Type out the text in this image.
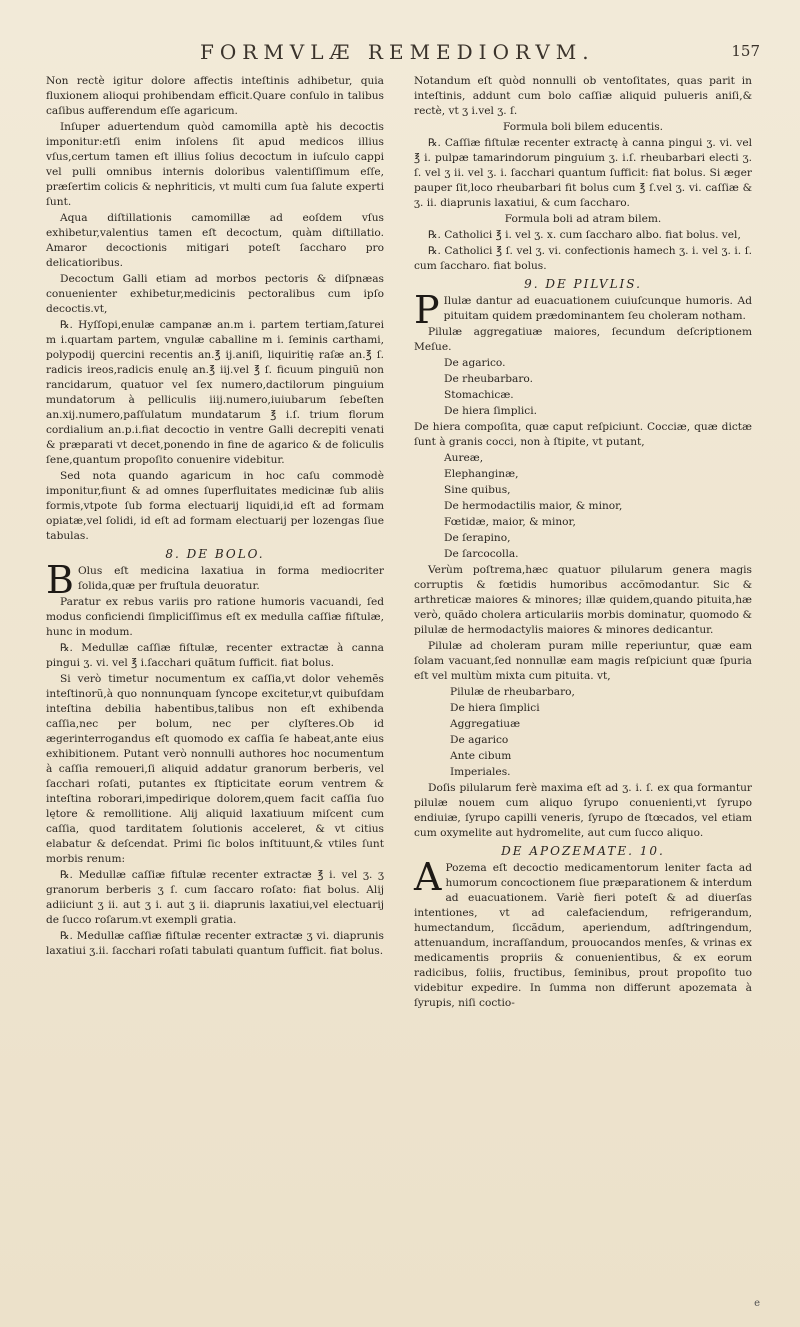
FORMVLÆ REMEDIORVM.	157

Non rectè igitur dolore affectis inteſtinis adhibetur, quia fluxionem alioqui prohibendam efficit.Quare conſulo in talibus caſibus aufferendum eſſe agaricum.

Inſuper aduertendum quòd camomilla aptè his decoctis imponitur:etſi enim inſolens ſit apud medicos illius vſus,certum tamen eſt illius ſolius decoctum in iuſculo cappi vel pulli omnibus internis doloribus valentiſſimum eſſe, præſertim colicis & nephriticis, vt multi cum ſua ſalute experti ſunt.

Aqua diſtillationis camomillæ ad eoſdem vſus exhibetur,valentius tamen eſt decoctum, quàm diſtillatio. Amaror decoctionis mitigari poteſt ſaccharo pro delicatioribus.

Decoctum Galli etiam ad morbos pectoris & diſpnæas conuenienter exhibetur,medicinis pectoralibus cum ipſo decoctis.vt,

℞. Hyſſopi,enulæ campanæ an.m i. partem tertiam,ſaturei m i.quartam partem, vngulæ caballine m i. ſeminis carthami, polypodij quercini recentis an.℥ ij.aniſi, liquiritię raſæ an.℥ ſ. radicis ireos,radicis enulę an.℥ iij.vel ℥ ſ. ficuum pinguiũ non rancidarum, quatuor vel ſex numero,dactilorum pinguium mundatorum à pelliculis iiij.numero,iuiubarum ſebeſten an.xij.numero,paſſulatum mundatarum ℥ i.ſ. trium florum cordialium an.p.i.fiat decoctio in ventre Galli decrepiti venati & præparati vt decet,ponendo in fine de agarico & de foliculis ſene,quantum propoſito conuenire videbitur.

Sed nota quando agaricum in hoc caſu commodè imponitur,fiunt & ad omnes ſuperfluitates medicinæ ſub aliis formis,vtpote ſub forma electuarij liquidi,id eſt ad formam opiatæ,vel ſolidi, id eſt ad formam electuarij per lozengas ſiue tabulas.

8. DE BOLO.

B Olus eſt medicina laxatiua in forma mediocriter ſolida,quæ per fruſtula deuoratur.

Paratur ex rebus variis pro ratione humoris vacuandi, ſed modus conficiendi ſimpliciſſimus eſt ex medulla caſſiæ fiſtulæ, hunc in modum.

℞. Medullæ caſſiæ fiſtulæ, recenter extractæ à canna pingui ʒ. vi. vel ℥ i.ſacchari quãtum ſufficit. fiat bolus.

Si verò timetur nocumentum ex caſſia,vt dolor vehemẽs inteſtinorũ,à quo nonnunquam ſyncope excitetur,vt quibuſdam inteſtina debilia habentibus,talibus non eſt exhibenda caſſia,nec per bolum, nec per clyſteres.Ob id ægerinterrogandus eſt quomodo ex caſſia ſe habeat,ante eius exhibitionem. Putant verò nonnulli authores hoc nocumentum à caſſia remoueri,ſi aliquid addatur granorum berberis, vel ſacchari roſati, putantes ex ſtipticitate eorum ventrem & inteſtina roborari,impedirique dolorem,quem facit caſſia ſuo lętore & remollitione. Alij aliquid laxatiuum miſcent cum caſſia, quod tarditatem ſolutionis acceleret, & vt citius elabatur & deſcendat. Primi ſic bolos inſtituunt,& vtiles ſunt morbis renum:

℞. Medullæ caſſiæ fiſtulæ recenter extractæ ℥ i. vel ʒ. ʒ granorum berberis ʒ ſ. cum ſaccaro roſato: fiat bolus. Alij adiiciunt ʒ ii. aut ʒ i. aut ʒ ii. diaprunis laxatiui,vel electuarij de ſucco roſarum.vt exempli gratia.

℞. Medullæ caſſiæ fiſtulæ recenter extractæ ʒ vi. diaprunis laxatiui ʒ.ii. ſacchari roſati tabulati quantum ſufficit. fiat bolus.

Notandum eſt quòd nonnulli ob ventoſitates, quas parit in inteſtinis, addunt cum bolo caſſiæ aliquid pulueris aniſi,& rectè, vt ʒ i.vel ʒ. ſ.

Formula boli bilem educentis.

℞. Caſſiæ fiſtulæ recenter extractę à canna pingui ʒ. vi. vel ℥ i. pulpæ tamarindorum pinguium ʒ. i.ſ. rheubarbari electi ʒ. ſ. vel ʒ ii. vel ʒ. i. ſacchari quantum ſufficit: fiat bolus. Si æger pauper ſit,loco rheubarbari fit bolus cum ℥ ſ.vel ʒ. vi. caſſiæ & ʒ. ii. diaprunis laxatiui, & cum ſaccharo.

Formula boli ad atram bilem.

℞. Catholici ℥ i. vel ʒ. x. cum ſaccharo albo. fiat bolus. vel,

℞. Catholici ℥ ſ. vel ʒ. vi. confectionis hamech ʒ. i. vel ʒ. i. ſ. cum ſaccharo. fiat bolus.

9. DE PILVLIS.

P Ilulæ dantur ad euacuationem cuiuſcunque humoris. Ad pituitam quidem prædominantem ſeu choleram notham.

Pilulæ aggregatiuæ maiores, ſecundum deſcriptionem Meſue.

De agarico.

De rheubarbaro.

Stomachicæ.

De hiera ſimplici.

De hiera compoſita, quæ caput reſpiciunt. Cocciæ, quæ dictæ ſunt à granis cocci, non à ſtipite, vt putant,

Aureæ,

Elephanginæ,

Sine quibus,

De hermodactilis maior, & minor,

Fœtidæ, maior, & minor,

De ſerapino,

De ſarcocolla.

Verùm poſtrema,hæc quatuor pilularum genera magis corruptis & fœtidis humoribus accõmodantur. Sic & arthreticæ maiores & minores; illæ quidem,quando pituita,hæ verò, quãdo cholera articulariis morbis dominatur, quomodo & pilulæ de hermodactylis maiores & minores dedicantur.

Pilulæ ad choleram puram mille reperiuntur, quæ eam ſolam vacuant,ſed nonnullæ eam magis reſpiciunt quæ ſpuria eſt vel multùm mixta cum pituita. vt,

Pilulæ de rheubarbaro,

De hiera ſimplici

Aggregatiuæ

De agarico

Ante cibum

Imperiales.

Doſis pilularum ferè maxima eſt ad ʒ. i. ſ. ex qua formantur pilulæ nouem cum aliquo ſyrupo conuenienti,vt ſyrupo endiuiæ, ſyrupo capilli veneris, ſyrupo de ſtœcados, vel etiam cum oxymelite aut hydromelite, aut cum ſucco aliquo.

DE APOZEMATE. 10.

A Pozema eſt decoctio medicamentorum leniter facta ad humorum concoctionem ſiue præparationem & interdum ad euacuationem. Variè fieri poteſt & ad diuerſas intentiones, vt ad calefaciendum, refrigerandum, humectandum, ſiccãdum, aperiendum, adſtringendum, attenuandum, incraſſandum, prouocandos menſes, & vrinas ex medicamentis propriis & conuenientibus, & ex eorum radicibus, foliis, fructibus, ſeminibus, prout propoſito tuo videbitur expedire. In ſumma non differunt apozemata à ſyrupis, niſi coctio-

e
